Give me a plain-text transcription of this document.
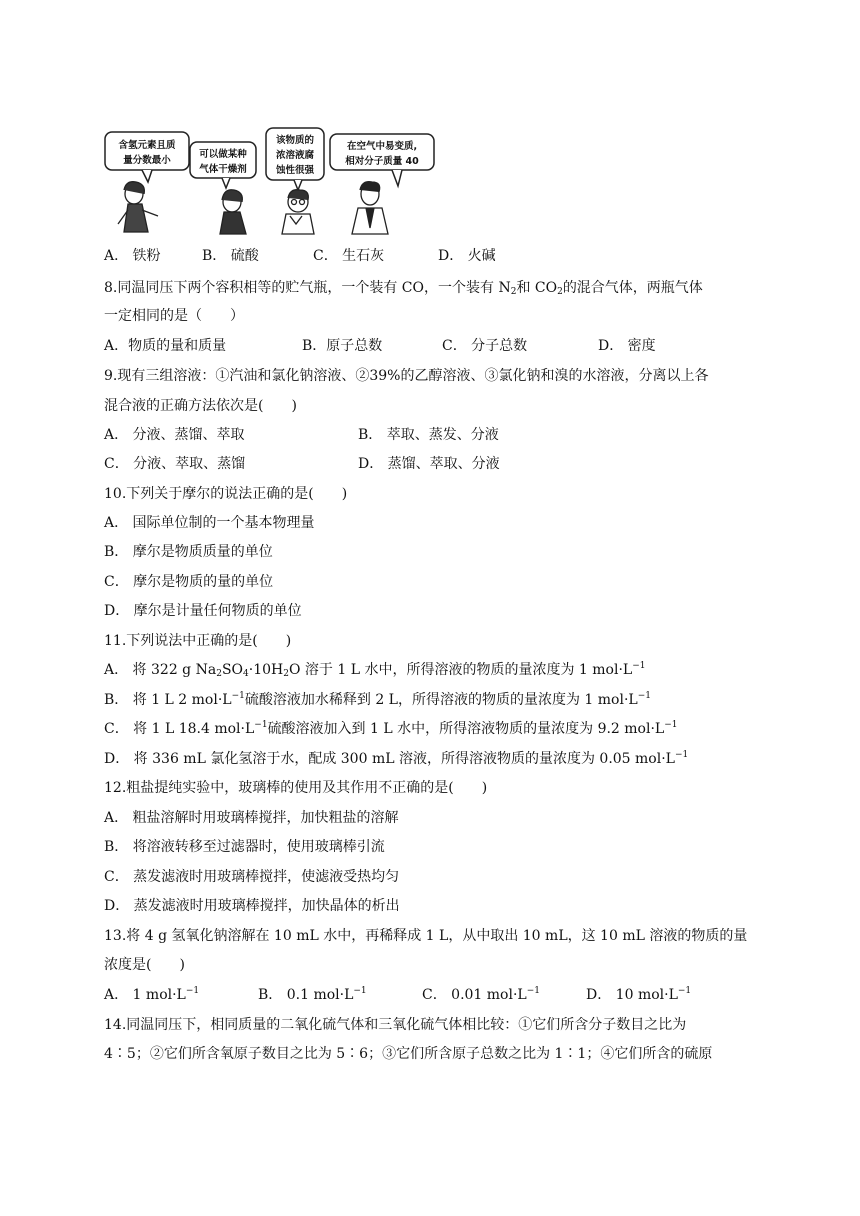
含氢元素且质
量分数最小
可以做某种
气体干燥剂
该物质的
浓溶液腐
蚀性很强
在空气中易变质,
相对分子质量 40
A． 铁粉	B． 硫酸	C． 生石灰	D． 火碱
8.同温同压下两个容积相等的贮气瓶，一个装有 CO，一个装有 $N_2$和 $CO_2$的混合气体，两瓶气体
一定相同的是（　　）
A．物质的量和质量	B．原子总数	C． 分子总数	D． 密度
9.现有三组溶液：①汽油和氯化钠溶液、②39%的乙醇溶液、③氯化钠和溴的水溶液，分离以上各
混合液的正确方法依次是(　　)
A． 分液、蒸馏、萃取	B． 萃取、蒸发、分液
C． 分液、萃取、蒸馏	D． 蒸馏、萃取、分液
10.下列关于摩尔的说法正确的是(　　)
A． 国际单位制的一个基本物理量
B． 摩尔是物质质量的单位
C． 摩尔是物质的量的单位
D． 摩尔是计量任何物质的单位
11.下列说法中正确的是(　　)
A． 将 322 g $Na_2SO_4\cdot 10H_2O$ 溶于 1 L 水中，所得溶液的物质的量浓度为 1 $mol\cdot L^{-1}$
B． 将 1 L 2 $mol\cdot L^{-1}$硫酸溶液加水稀释到 2 L，所得溶液的物质的量浓度为 1 $mol\cdot L^{-1}$
C． 将 1 L 18.4 $mol\cdot L^{-1}$硫酸溶液加入到 1 L 水中，所得溶液物质的量浓度为 9.2 $mol\cdot L^{-1}$
D． 将 336 mL 氯化氢溶于水，配成 300 mL 溶液，所得溶液物质的量浓度为 0.05 $mol\cdot L^{-1}$
12.粗盐提纯实验中，玻璃棒的使用及其作用不正确的是(　　)
A． 粗盐溶解时用玻璃棒搅拌，加快粗盐的溶解
B． 将溶液转移至过滤器时，使用玻璃棒引流
C． 蒸发滤液时用玻璃棒搅拌，使滤液受热均匀
D． 蒸发滤液时用玻璃棒搅拌，加快晶体的析出
13.将 4 g 氢氧化钠溶解在 10 mL 水中，再稀释成 1 L，从中取出 10 mL，这 10 mL 溶液的物质的量
浓度是(　　)
A． 1 $mol\cdot L^{-1}$	B． 0.1 $mol\cdot L^{-1}$	C． 0.01 $mol\cdot L^{-1}$	D． 10 $mol\cdot L^{-1}$
14.同温同压下，相同质量的二氧化硫气体和三氧化硫气体相比较：①它们所含分子数目之比为
4∶5；②它们所含氧原子数目之比为 5∶6；③它们所含原子总数之比为 1∶1；④它们所含的硫原
